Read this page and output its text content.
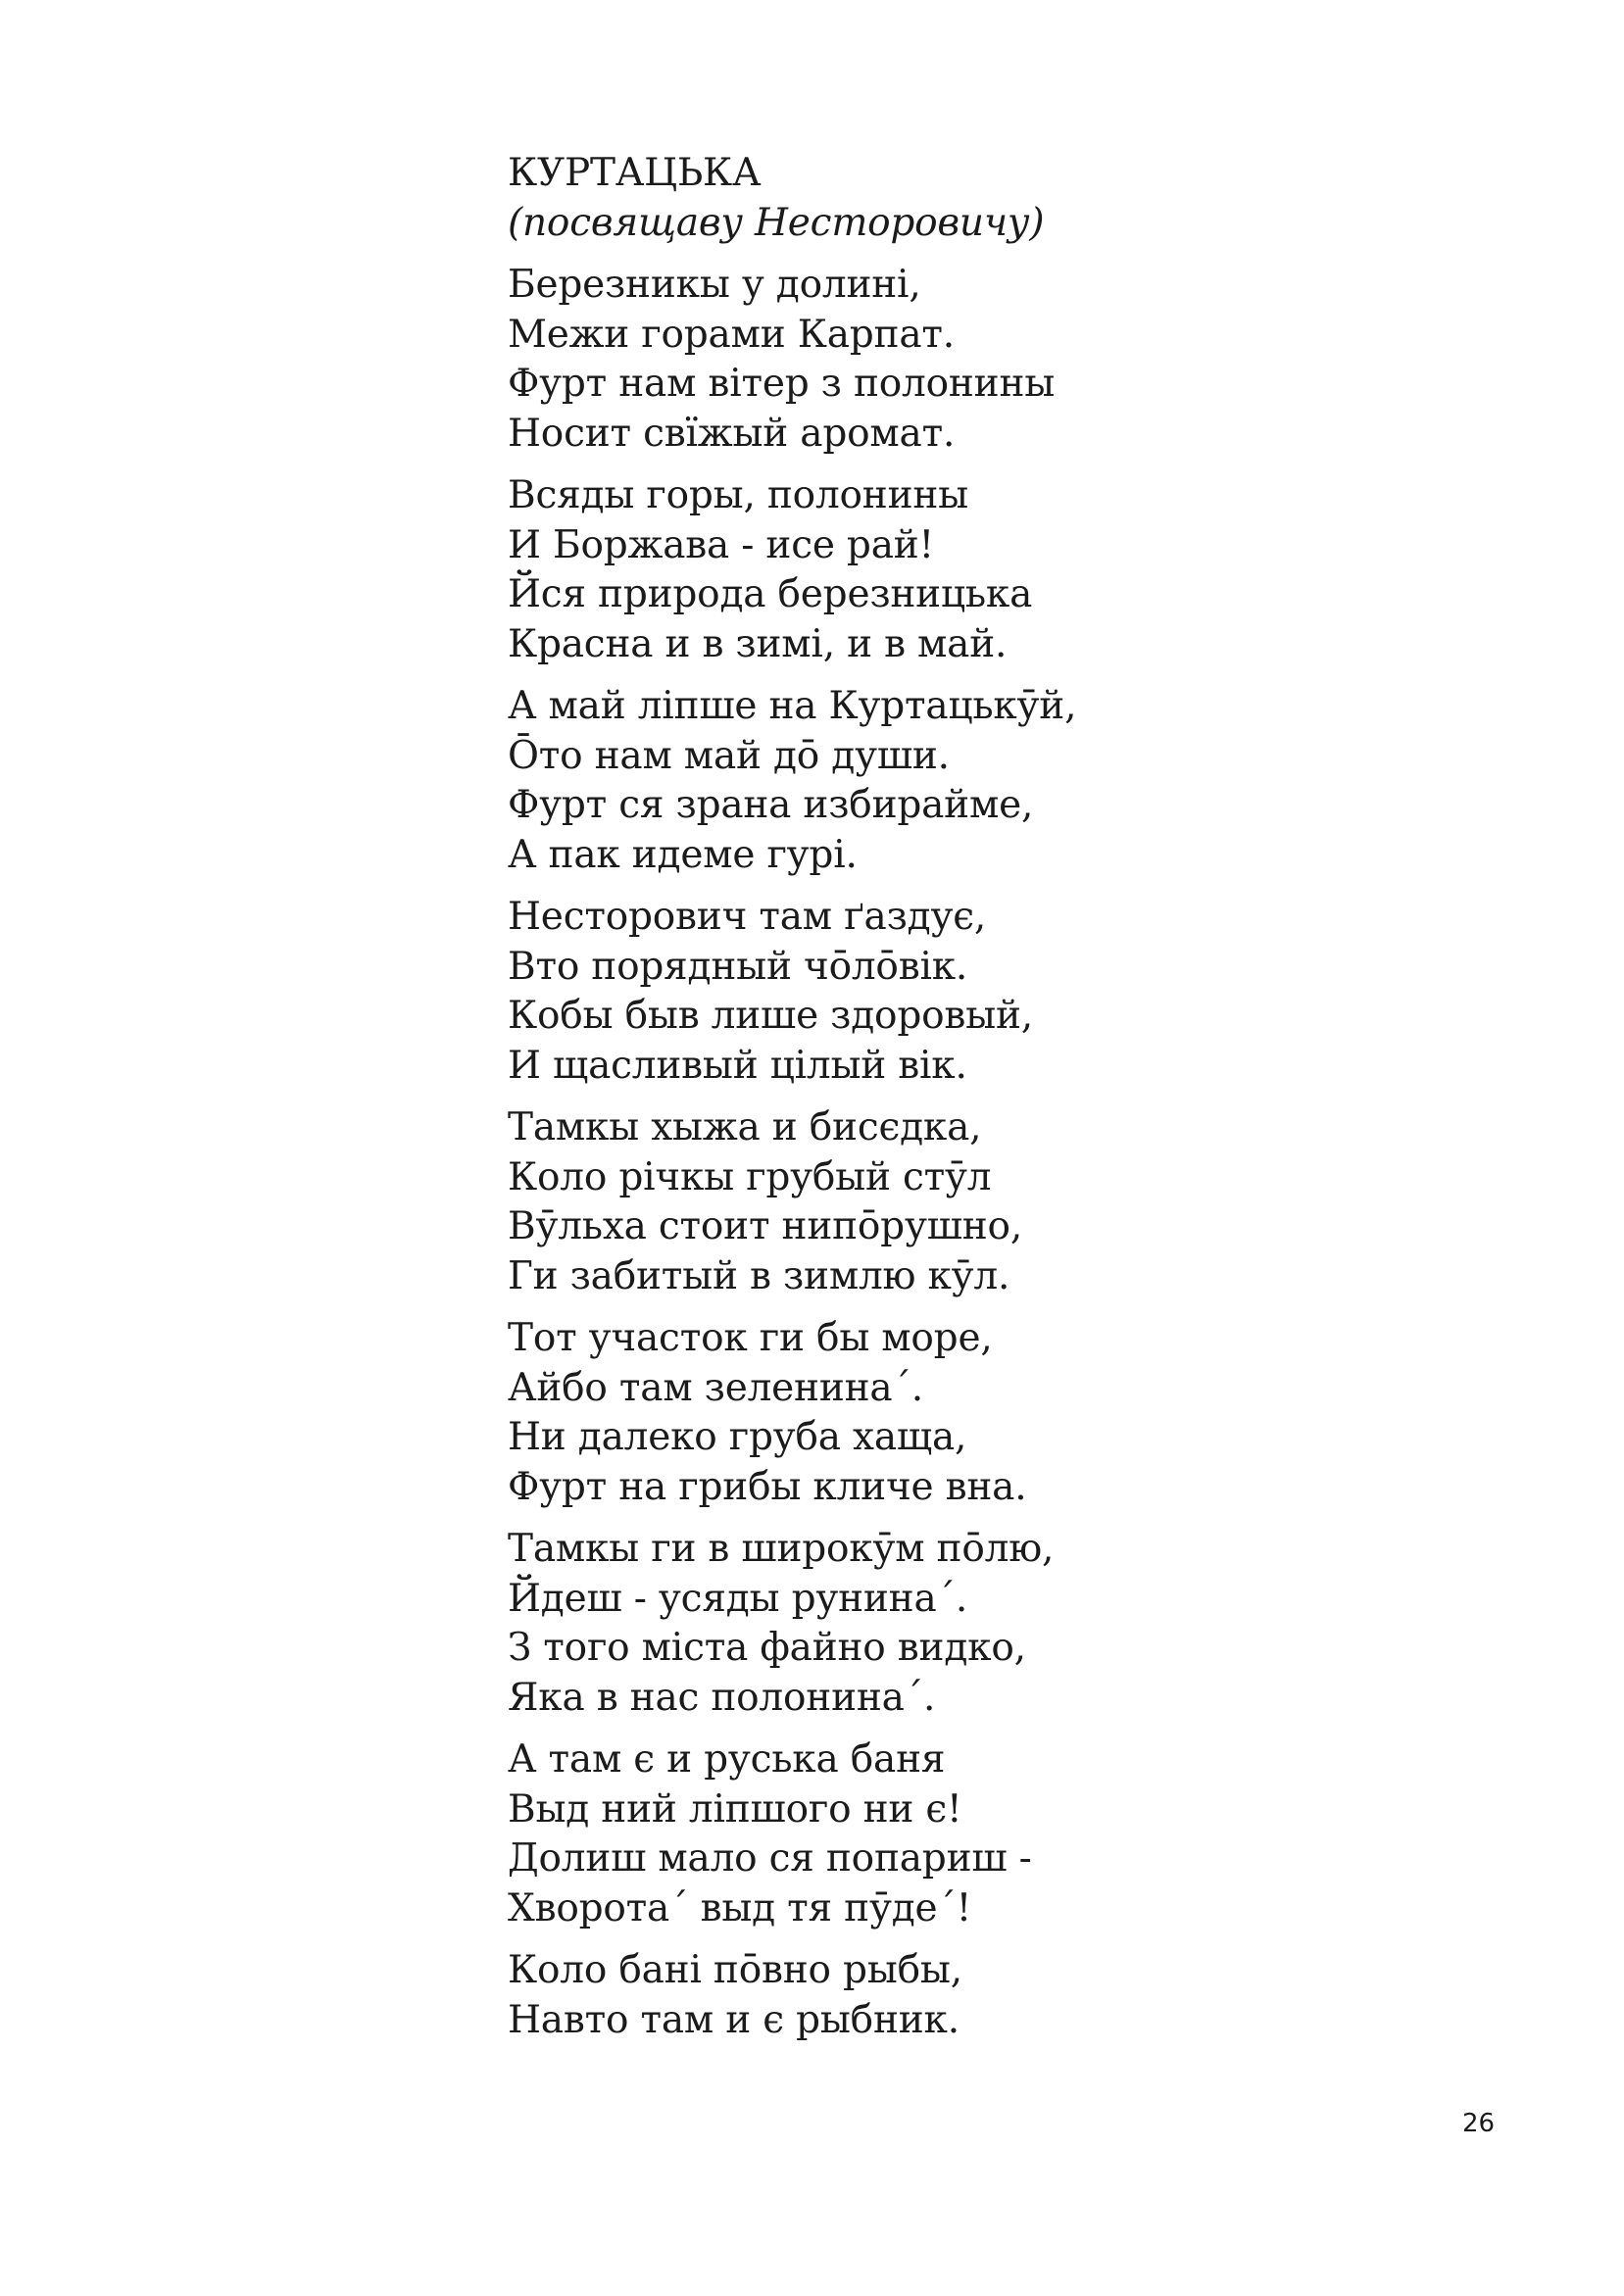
КУРТАЦЬКА

(посвящаву Несторовичу)

Березникы у долині,
Межи горами Карпат.
Фурт нам вітер з полонины
Носит свїжый аромат.

Всяды горы, полонины
И Боржава - исе рай!
Йся природа березницька
Красна и в зимі, и в май.

А май ліпше на Куртацькӯй,
Ōто нам май дō души.
Фурт ся зрана избирайме,
А пак идеме гурі.

Несторович там ґаздує,
Вто порядный чōлōвік.
Кобы быв лише здоровый,
И щасливый цілый вік.

Тамкы хыжа и бисєдка,
Коло річкы грубый стӯл
Вӯльха стоит нипōрушно,
Ги забитый в зимлю кӯл.

Тот участок ги бы море,
Айбо там зеленина´.
Ни далеко груба хаща,
Фурт на грибы кличе вна.

Тамкы ги в широкӯм пōлю,
Йдеш - усяды рунина´.
З того міста файно видко,
Яка в нас полонина´.

А там є и руська баня
Выд ний ліпшого ни є!
Долиш мало ся попариш -
Хворота´ выд тя пӯде´!

Коло бані пōвно рыбы,
Навто там и є рыбник.

26
